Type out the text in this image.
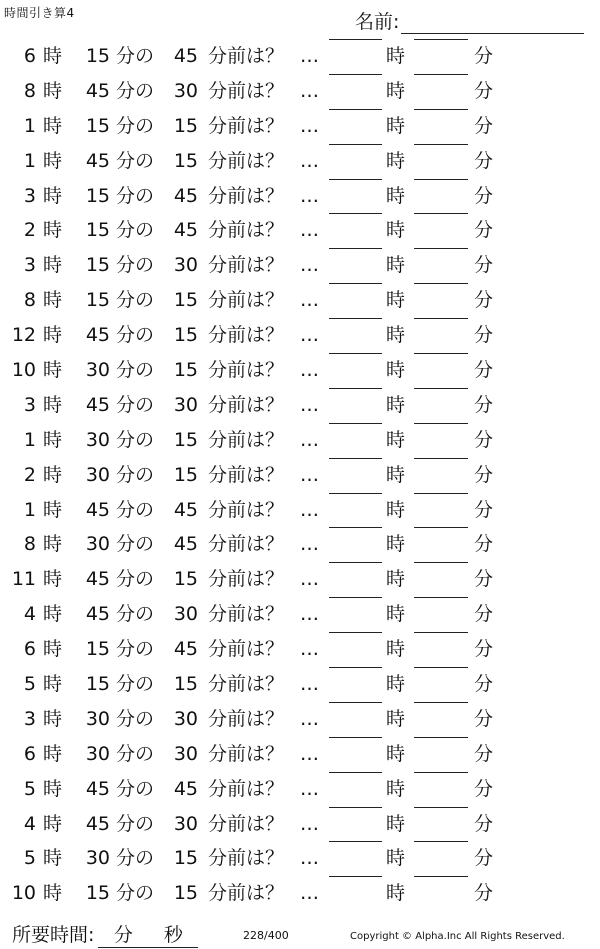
時間引き算4	名前:
6 時	15 分の	45 分前は？ …	時	分
8 時	45 分の	30 分前は？ …	時	分
1 時	15 分の	15 分前は？ …	時	分
1 時	45 分の	15 分前は？ …	時	分
3 時	15 分の	45 分前は？ …	時	分
2 時	15 分の	45 分前は？ …	時	分
3 時	15 分の	30 分前は？ …	時	分
8 時	15 分の	15 分前は？ …	時	分
12 時	45 分の	15 分前は？ …	時	分
10 時	30 分の	15 分前は？ …	時	分
3 時	45 分の	30 分前は？ …	時	分
1 時	30 分の	15 分前は？ …	時	分
2 時	30 分の	15 分前は？ …	時	分
1 時	45 分の	45 分前は？ …	時	分
8 時	30 分の	45 分前は？ …	時	分
11 時	45 分の	15 分前は？ …	時	分
4 時	45 分の	30 分前は？ …	時	分
6 時	15 分の	45 分前は？ …	時	分
5 時	15 分の	15 分前は？ …	時	分
3 時	30 分の	30 分前は？ …	時	分
6 時	30 分の	30 分前は？ …	時	分
5 時	45 分の	45 分前は？ …	時	分
4 時	45 分の	30 分前は？ …	時	分
5 時	30 分の	15 分前は？ …	時	分
10 時	15 分の	15 分前は？ …	時	分
所要時間: 分 秒	228/400	Copyright © Alpha.Inc All Rights Reserved.
